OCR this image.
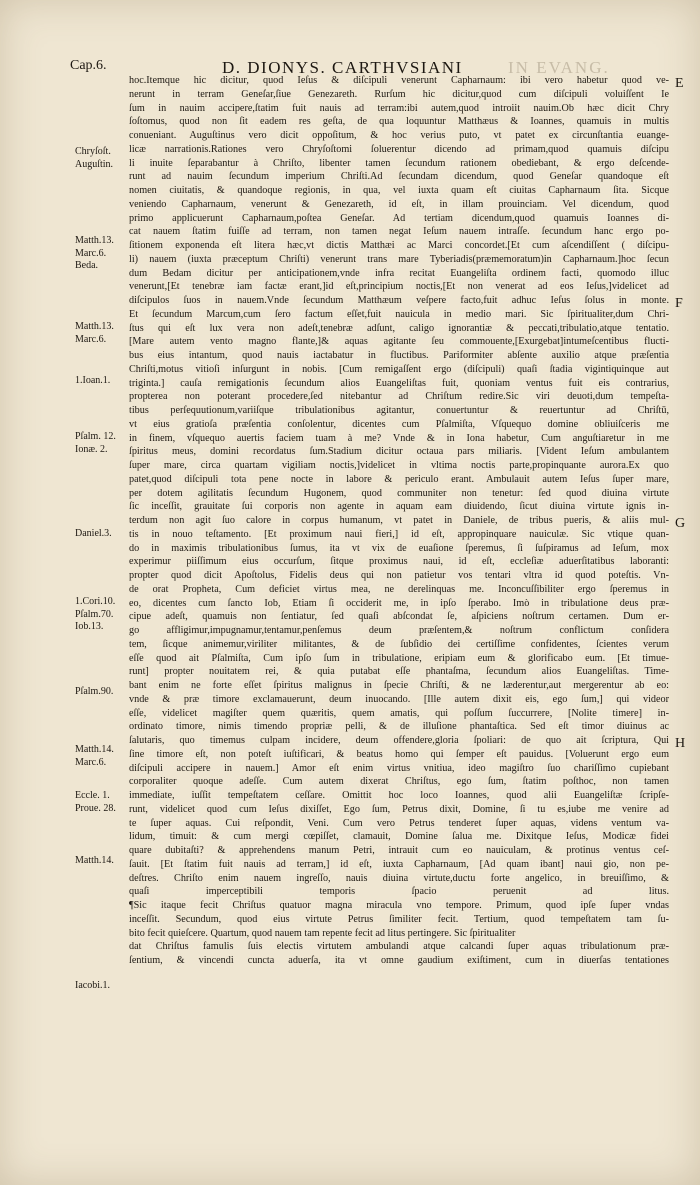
Cap.6.	D. DIONYS. CARTHVSIANI	IN EVANG.
E
F
G
H
Chryſoſt.
Auguſtin.
Matth.13.
Marc.6.
Beda.
Matth.13.
Marc.6.
1.Ioan.1.
Pſalm. 12.
Ionæ. 2.
Daniel.3.
1.Cori.10.
Pſalm.70.
Iob.13.
Pſalm.90.
Matth.14.
Marc.6.
Eccle. 1.
Proue. 28.
Matth.14.
Iacobi.1.
hoc.Itemque hic dicitur, quod Ieſus & diſcipuli venerunt Capharnaum: ibi vero habetur quod ve-
nerunt in terram Geneſar,ſiue Genezareth. Rurſum hic dicitur,quod cum diſcipuli voluiſſent Ie
ſum in nauim accipere,ſtatim fuit nauis ad terram:ibi autem,quod introiit nauim.Ob hæc dicit Chry
ſoſtomus, quod non ſit eadem res geſta, de qua loquuntur Matthæus & Ioannes, quamuis in multis
conueniant. Auguſtinus vero dicit oppoſitum, & hoc verius puto, vt patet ex circunſtantia euange-
licæ narrationis.Rationes vero Chryſoſtomi ſoluerentur dicendo ad primam,quod quamuis diſcipu
li inuite ſeparabantur à Chriſto, libenter tamen ſecundum rationem obediebant, & ergo deſcende-
runt ad nauim ſecundum imperium Chriſti.Ad ſecundam dicendum, quod Geneſar quandoque eſt
nomen ciuitatis, & quandoque regionis, in qua, vel iuxta quam eſt ciuitas Capharnaum ſita. Sicque
veniendo Capharnaum, venerunt & Genezareth, id eſt, in illam prouinciam. Vel dicendum, quod
primo applicuerunt Capharnaum,poſtea Geneſar. Ad tertiam dicendum,quod quamuis Ioannes di-
cat nauem ſtatim fuiſſe ad terram, non tamen negat Ieſum nauem intraſſe. ſecundum hanc ergo po-
ſitionem exponenda eſt litera hæc,vt dictis Matthæi ac Marci concordet.[Et cum aſcendiſſent ( diſcipu-
li) nauem (iuxta præceptum Chriſti) venerunt trans mare Tyberiadis(præmemoratum)in Capharnaum.]hoc ſecun
dum Bedam dicitur per anticipationem,vnde infra recitat Euangeliſta ordinem facti, quomodo illuc
venerunt,[Et tenebræ iam factæ erant,]id eſt,principium noctis,[Et non venerat ad eos Ieſus,]videlicet ad
diſcipulos ſuos in nauem.Vnde ſecundum Matthæum veſpere facto,fuit adhuc Ieſus ſolus in monte.
Et ſecundum Marcum,cum ſero factum eſſet,fuit nauicula in medio mari. Sic ſpiritualiter,dum Chri-
ſtus qui eſt lux vera non adeſt,tenebræ adſunt, caligo ignorantiæ & peccati,tribulatio,atque tentatio.
[Mare autem vento magno flante,]& aquas agitante ſeu commouente,[Exurgebat]intumeſcentibus flucti-
bus eius intantum, quod nauis iactabatur in fluctibus. Pariformiter abſente auxilio atque præſentia
Chriſti,motus vitioſi inſurgunt in nobis. [Cum remigaſſent ergo (diſcipuli) quaſi ſtadia vigintiquinque aut
triginta.] cauſa remigationis ſecundum alios Euangeliſtas fuit, quoniam ventus fuit eis contrarius,
propterea non poterant procedere,ſed nitebantur ad Chriſtum redire.Sic viri deuoti,dum tempeſta-
tibus perſequutionum,variiſque tribulationibus agitantur, conuertuntur & reuertuntur ad Chriſtū,
vt eius gratioſa præſentia conſolentur, dicentes cum Pſalmiſta, Vſquequo domine obliuiſceris me
in finem, vſquequo auertis faciem tuam à me? Vnde & in Iona habetur, Cum anguſtiaretur in me
ſpiritus meus, domini recordatus ſum.Stadium dicitur octaua pars miliaris. [Vident Ieſum ambulantem
ſuper mare, circa quartam vigiliam noctis,]videlicet in vltima noctis parte,propinquante aurora.Ex quo
patet,quod diſcipuli tota pene nocte in labore & periculo erant. Ambulauit autem Ieſus ſuper mare,
per dotem agilitatis ſecundum Hugonem, quod communiter non tenetur: ſed quod diuina virtute
ſic inceſſit, grauitate ſui corporis non agente in aquam eam diuidendo, ſicut diuina virtute ignis in-
terdum non agit ſuo calore in corpus humanum, vt patet in Daniele, de tribus pueris, & aliis mul-
tis in nouo teſtamento. [Et proximum naui fieri,] id eſt, appropinquare nauiculæ. Sic vtique quan-
do in maximis tribulationibus ſumus, ita vt vix de euaſione ſperemus, ſi ſuſpiramus ad Ieſum, mox
experimur piiſſimum eius occurſum, ſitque proximus naui, id eſt, eccleſiæ aduerſitatibus laboranti:
propter quod dicit Apoſtolus, Fidelis deus qui non patietur vos tentari vltra id quod poteſtis. Vn-
de orat Propheta, Cum deficiet virtus mea, ne derelinquas me. Inconcuſſibiliter ergo ſperemus in
eo, dicentes cum ſancto Iob, Etiam ſi occiderit me, in ipſo ſperabo. Imò in tribulatione deus præ-
cipue adeſt, quamuis non ſentiatur, ſed quaſi abſcondat ſe, aſpiciens noſtrum certamen. Dum er-
go affligimur,impugnamur,tentamur,penſemus deum præſentem,& noſtrum conflictum conſidera
tem, ſicque animemur,viriliter militantes, & de ſubſidio dei certiſſime confidentes, ſcientes verum
eſſe quod ait Pſalmiſta, Cum ipſo ſum in tribulatione, eripiam eum & glorificabo eum. [Et timue-
runt] propter nouitatem rei, & quia putabat eſſe phantaſma, ſecundum alios Euangeliſtas. Time-
bant enim ne forte eſſet ſpiritus malignus in ſpecie Chriſti, & ne læderentur,aut mergerentur ab eo:
vnde & præ timore exclamauerunt, deum inuocando. [Ille autem dixit eis, ego ſum,] qui videor
eſſe, videlicet magiſter quem quæritis, quem amatis, qui poſſum ſuccurrere, [Nolite timere] in-
ordinato timore, nimis timendo propriæ pelli, & de illuſione phantaſtica. Sed eſt timor diuinus ac
ſalutaris, quo timemus culpam incidere, deum offendere,gloria ſpoliari: de quo ait ſcriptura, Qui
ſine timore eſt, non poteſt iuſtificari, & beatus homo qui ſemper eſt pauidus. [Voluerunt ergo eum
diſcipuli accipere in nauem.] Amor eſt enim virtus vnitiua, ideo magiſtro ſuo chariſſimo cupiebant
corporaliter quoque adeſſe. Cum autem dixerat Chriſtus, ego ſum, ſtatim poſthoc, non tamen
immediate, iuſſit tempeſtatem ceſſare. Omittit hoc loco Ioannes, quod alii Euangeliſtæ ſcripſe-
runt, videlicet quod cum Ieſus dixiſſet, Ego ſum, Petrus dixit, Domine, ſi tu es,iube me venire ad
te ſuper aquas. Cui reſpondit, Veni. Cum vero Petrus tenderet ſuper aquas, videns ventum va-
lidum, timuit: & cum mergi cœpiſſet, clamauit, Domine ſalua me. Dixitque Ieſus, Modicæ fidei
quare dubitaſti? & apprehendens manum Petri, intrauit cum eo nauiculam, & protinus ventus ceſ-
ſauit. [Et ſtatim fuit nauis ad terram,] id eſt, iuxta Capharnaum, [Ad quam ibant] naui gio, non pe-
deſtres. Chriſto enim nauem ingreſſo, nauis diuina virtute,ductu forte angelico, in breuiſſimo, &
quaſi imperceptibili temporis ſpacio peruenit ad litus.
¶Sic itaque fecit Chriſtus quatuor magna miracula vno tempore. Primum, quod ipſe ſuper vndas
inceſſit. Secundum, quod eius virtute Petrus ſimiliter fecit. Tertium, quod tempeſtatem tam ſu-
bito fecit quieſcere. Quartum, quod nauem tam repente fecit ad litus pertingere. Sic ſpiritualiter
dat Chriſtus famulis ſuis electis virtutem ambulandi atque calcandi ſuper aquas tribulationum præ-
ſentium, & vincendi cuncta aduerſa, ita vt omne gaudium exiſtiment, cum in diuerſas tentationes
